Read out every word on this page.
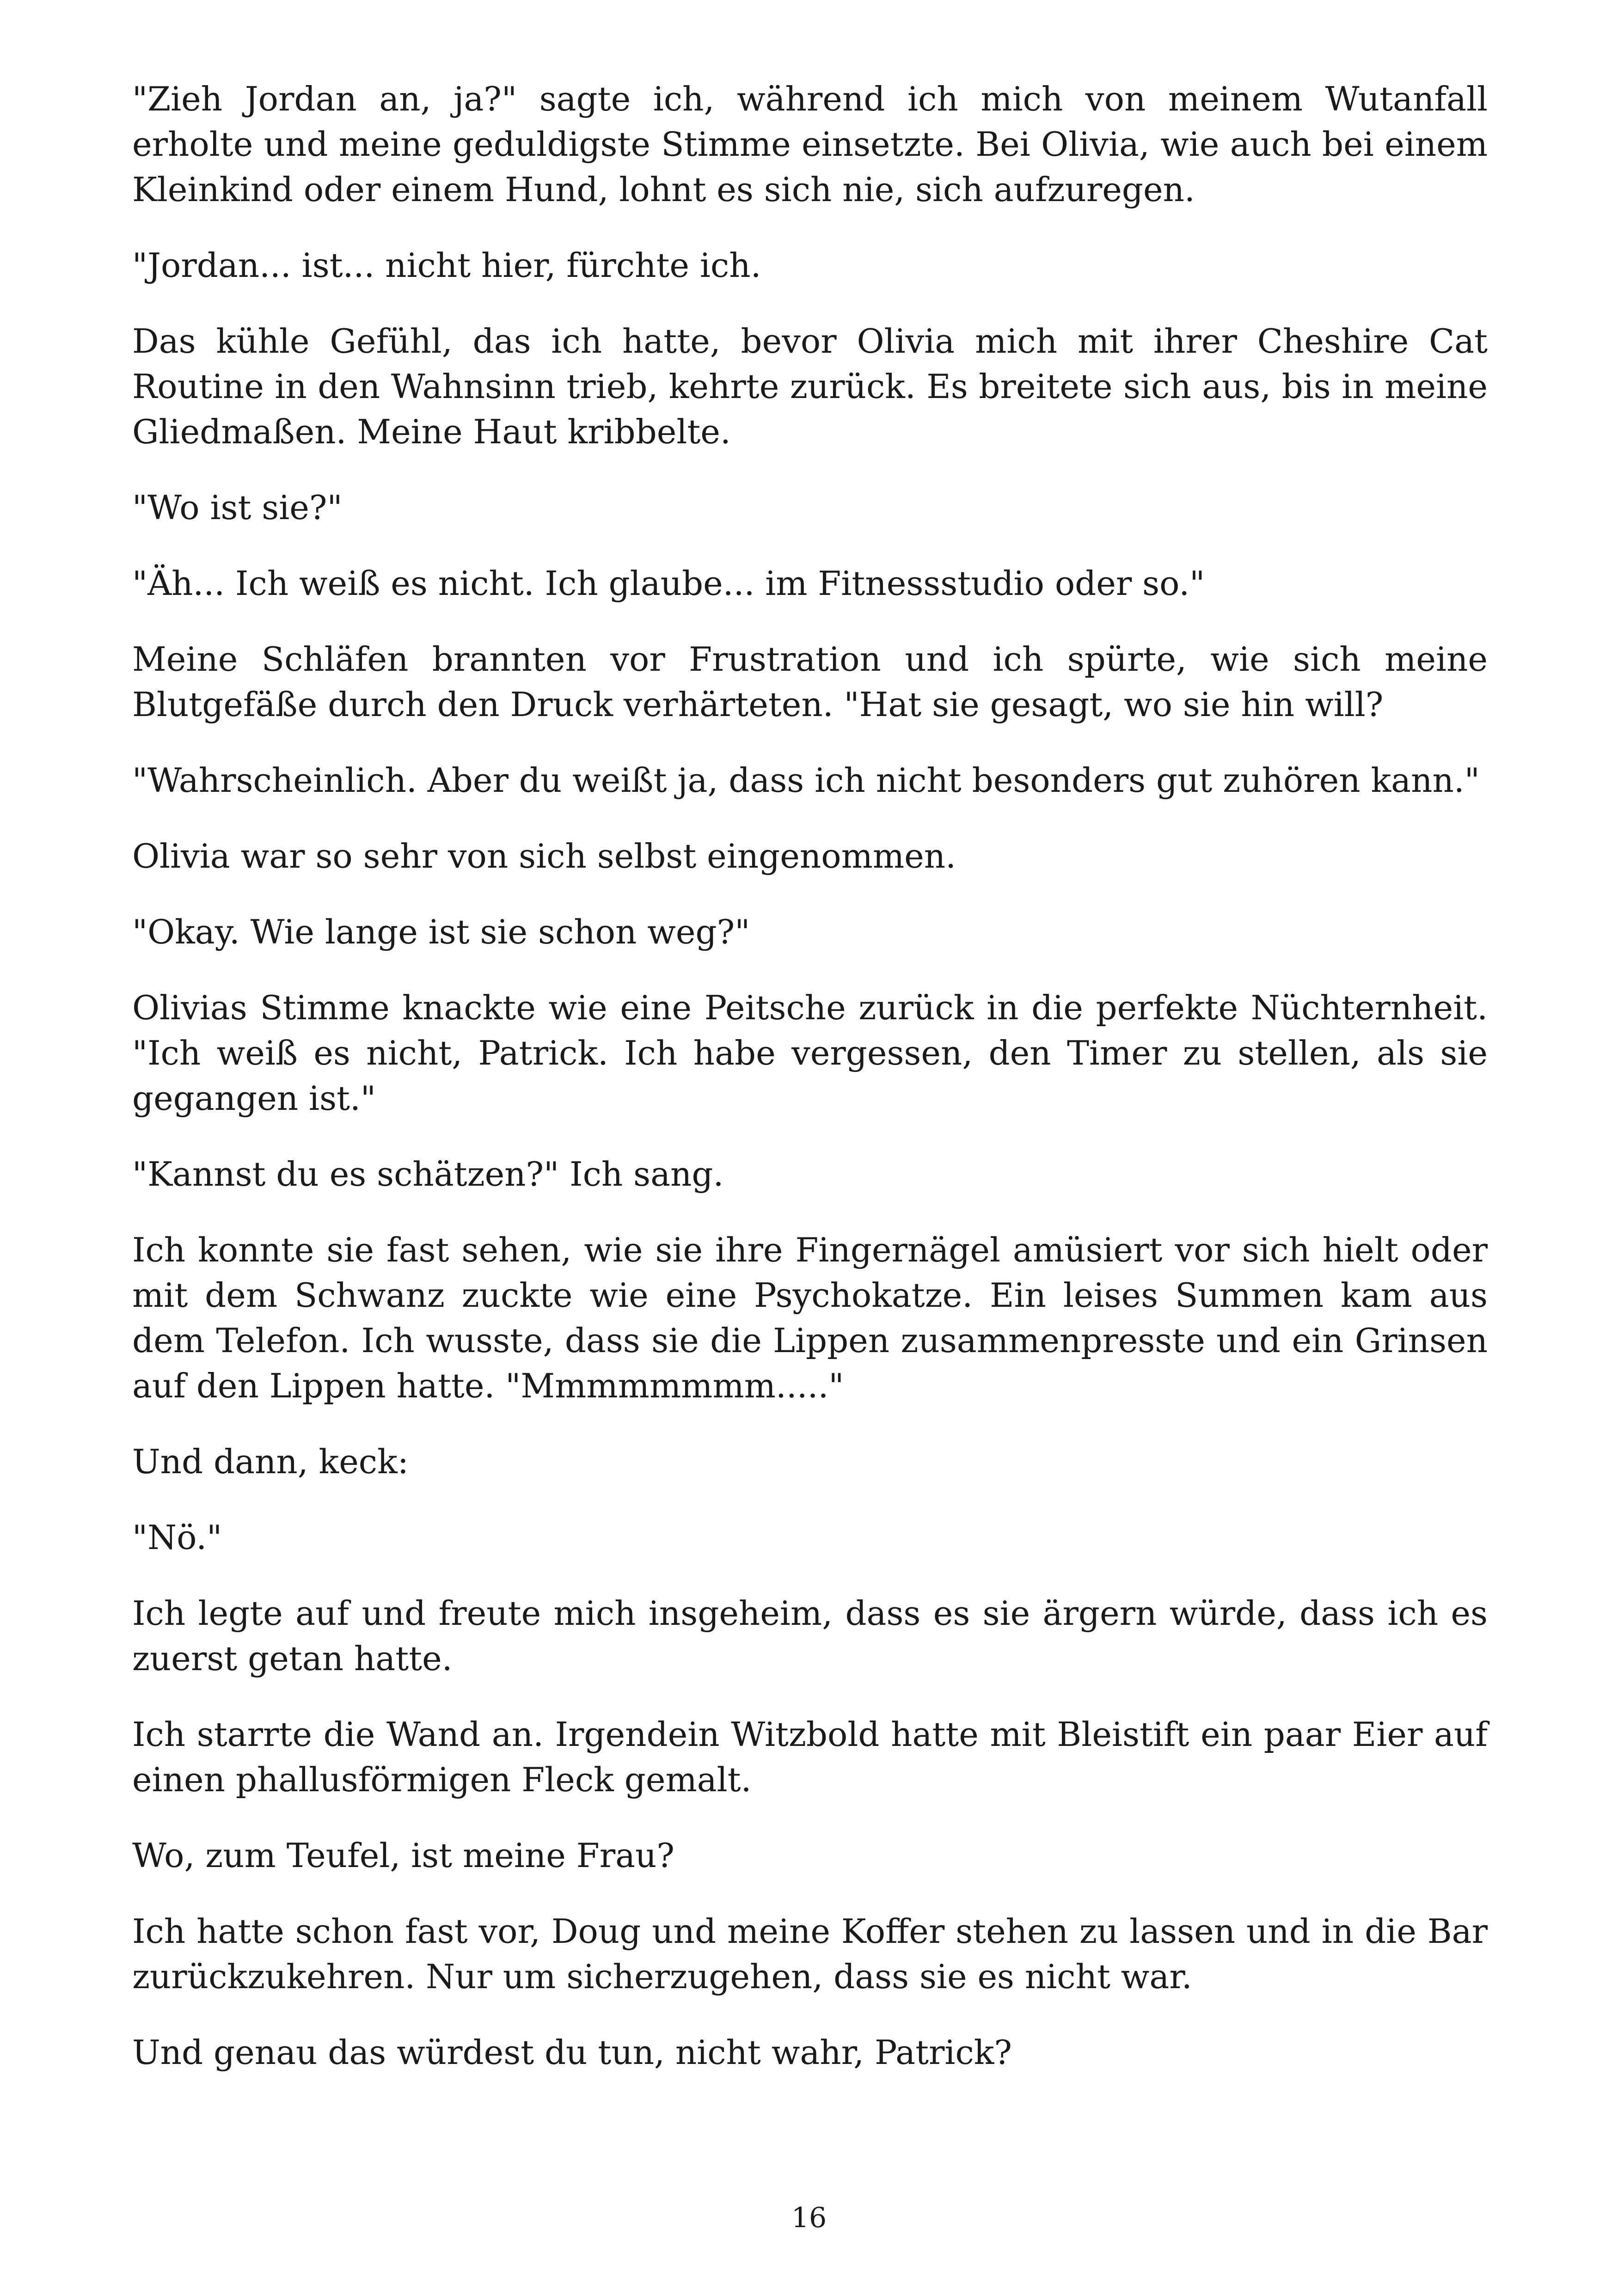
"Zieh Jordan an, ja?" sagte ich, während ich mich von meinem Wutanfall erholte und meine geduldigste Stimme einsetzte. Bei Olivia, wie auch bei einem Kleinkind oder einem Hund, lohnt es sich nie, sich aufzuregen.

"Jordan... ist... nicht hier, fürchte ich.

Das kühle Gefühl, das ich hatte, bevor Olivia mich mit ihrer Cheshire Cat Routine in den Wahnsinn trieb, kehrte zurück. Es breitete sich aus, bis in meine Gliedmaßen. Meine Haut kribbelte.

"Wo ist sie?"

"Äh... Ich weiß es nicht. Ich glaube... im Fitnessstudio oder so."

Meine Schläfen brannten vor Frustration und ich spürte, wie sich meine Blutgefäße durch den Druck verhärteten. "Hat sie gesagt, wo sie hin will?

"Wahrscheinlich. Aber du weißt ja, dass ich nicht besonders gut zuhören kann."

Olivia war so sehr von sich selbst eingenommen.

"Okay. Wie lange ist sie schon weg?"

Olivias Stimme knackte wie eine Peitsche zurück in die perfekte Nüchternheit. "Ich weiß es nicht, Patrick. Ich habe vergessen, den Timer zu stellen, als sie gegangen ist."

"Kannst du es schätzen?" Ich sang.

Ich konnte sie fast sehen, wie sie ihre Fingernägel amüsiert vor sich hielt oder mit dem Schwanz zuckte wie eine Psychokatze. Ein leises Summen kam aus dem Telefon. Ich wusste, dass sie die Lippen zusammenpresste und ein Grinsen auf den Lippen hatte. "Mmmmmmmm....."

Und dann, keck:

"Nö."

Ich legte auf und freute mich insgeheim, dass es sie ärgern würde, dass ich es zuerst getan hatte.

Ich starrte die Wand an. Irgendein Witzbold hatte mit Bleistift ein paar Eier auf einen phallusförmigen Fleck gemalt.

Wo, zum Teufel, ist meine Frau?

Ich hatte schon fast vor, Doug und meine Koffer stehen zu lassen und in die Bar zurückzukehren. Nur um sicherzugehen, dass sie es nicht war.

Und genau das würdest du tun, nicht wahr, Patrick?

16
